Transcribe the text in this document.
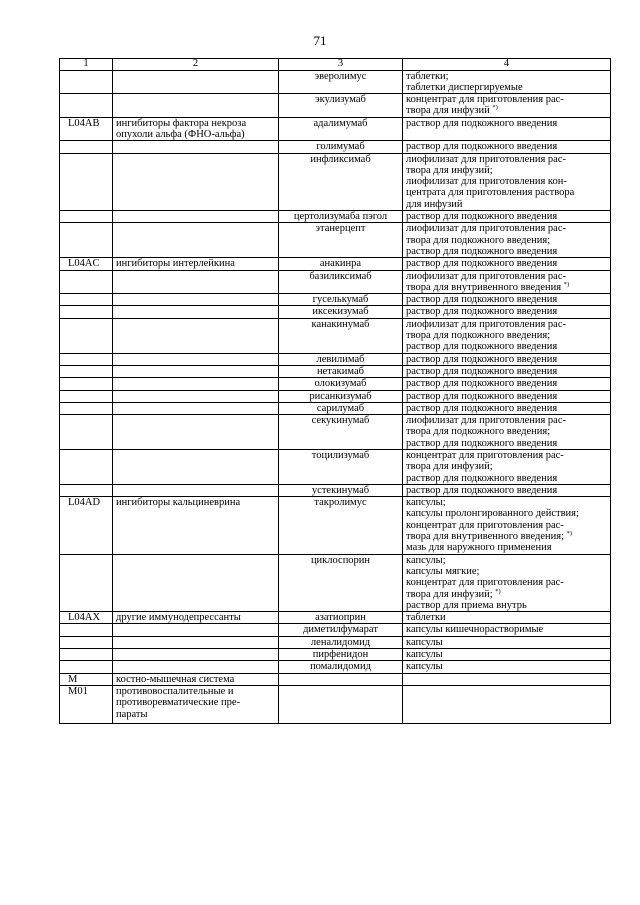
71
1	2	3	4
		эверолимус	таблетки;
таблетки диспергируемые

		экулизумаб	концентрат для приготовления рас-
твора для инфузий *)

L04AB	ингибиторы фактора некроза
опухоли альфа (ФНО-альфа)	адалимумаб	раствор для подкожного введения

		голимумаб	раствор для подкожного введения

		инфликсимаб	лиофилизат для приготовления рас-
твора для инфузий;
лиофилизат для приготовления кон-
центрата для приготовления раствора
для инфузий

		цертолизумаба пэгол	раствор для подкожного введения

		этанерцепт	лиофилизат для приготовления рас-
твора для подкожного введения;
раствор для подкожного введения

L04AC	ингибиторы интерлейкина	анакинра	раствор для подкожного введения

		базиликсимаб	лиофилизат для приготовления рас-
твора для внутривенного введения *)

		гуселькумаб	раствор для подкожного введения

		иксекизумаб	раствор для подкожного введения

		канакинумаб	лиофилизат для приготовления рас-
твора для подкожного введения;
раствор для подкожного введения

		левилимаб	раствор для подкожного введения

		нетакимаб	раствор для подкожного введения

		олокизумаб	раствор для подкожного введения

		рисанкизумаб	раствор для подкожного введения

		сарилумаб	раствор для подкожного введения

		секукинумаб	лиофилизат для приготовления рас-
твора для подкожного введения;
раствор для подкожного введения

		тоцилизумаб	концентрат для приготовления рас-
твора для инфузий;
раствор для подкожного введения

		устекинумаб	раствор для подкожного введения

L04AD	ингибиторы кальциневрина	такролимус	капсулы;
капсулы пролонгированного действия;
концентрат для приготовления рас-
твора для внутривенного введения; *)
мазь для наружного применения

		циклоспорин	капсулы;
капсулы мягкие;
концентрат для приготовления рас-
твора для инфузий; *)
раствор для приема внутрь

L04AX	другие иммунодепрессанты	азатиоприн	таблетки

		диметилфумарат	капсулы кишечнорастворимые

		леналидомид	капсулы

		пирфенидон	капсулы

		помалидомид	капсулы

M	костно-мышечная система		
M01	противовоспалительные и
противоревматические пре-
параты		
